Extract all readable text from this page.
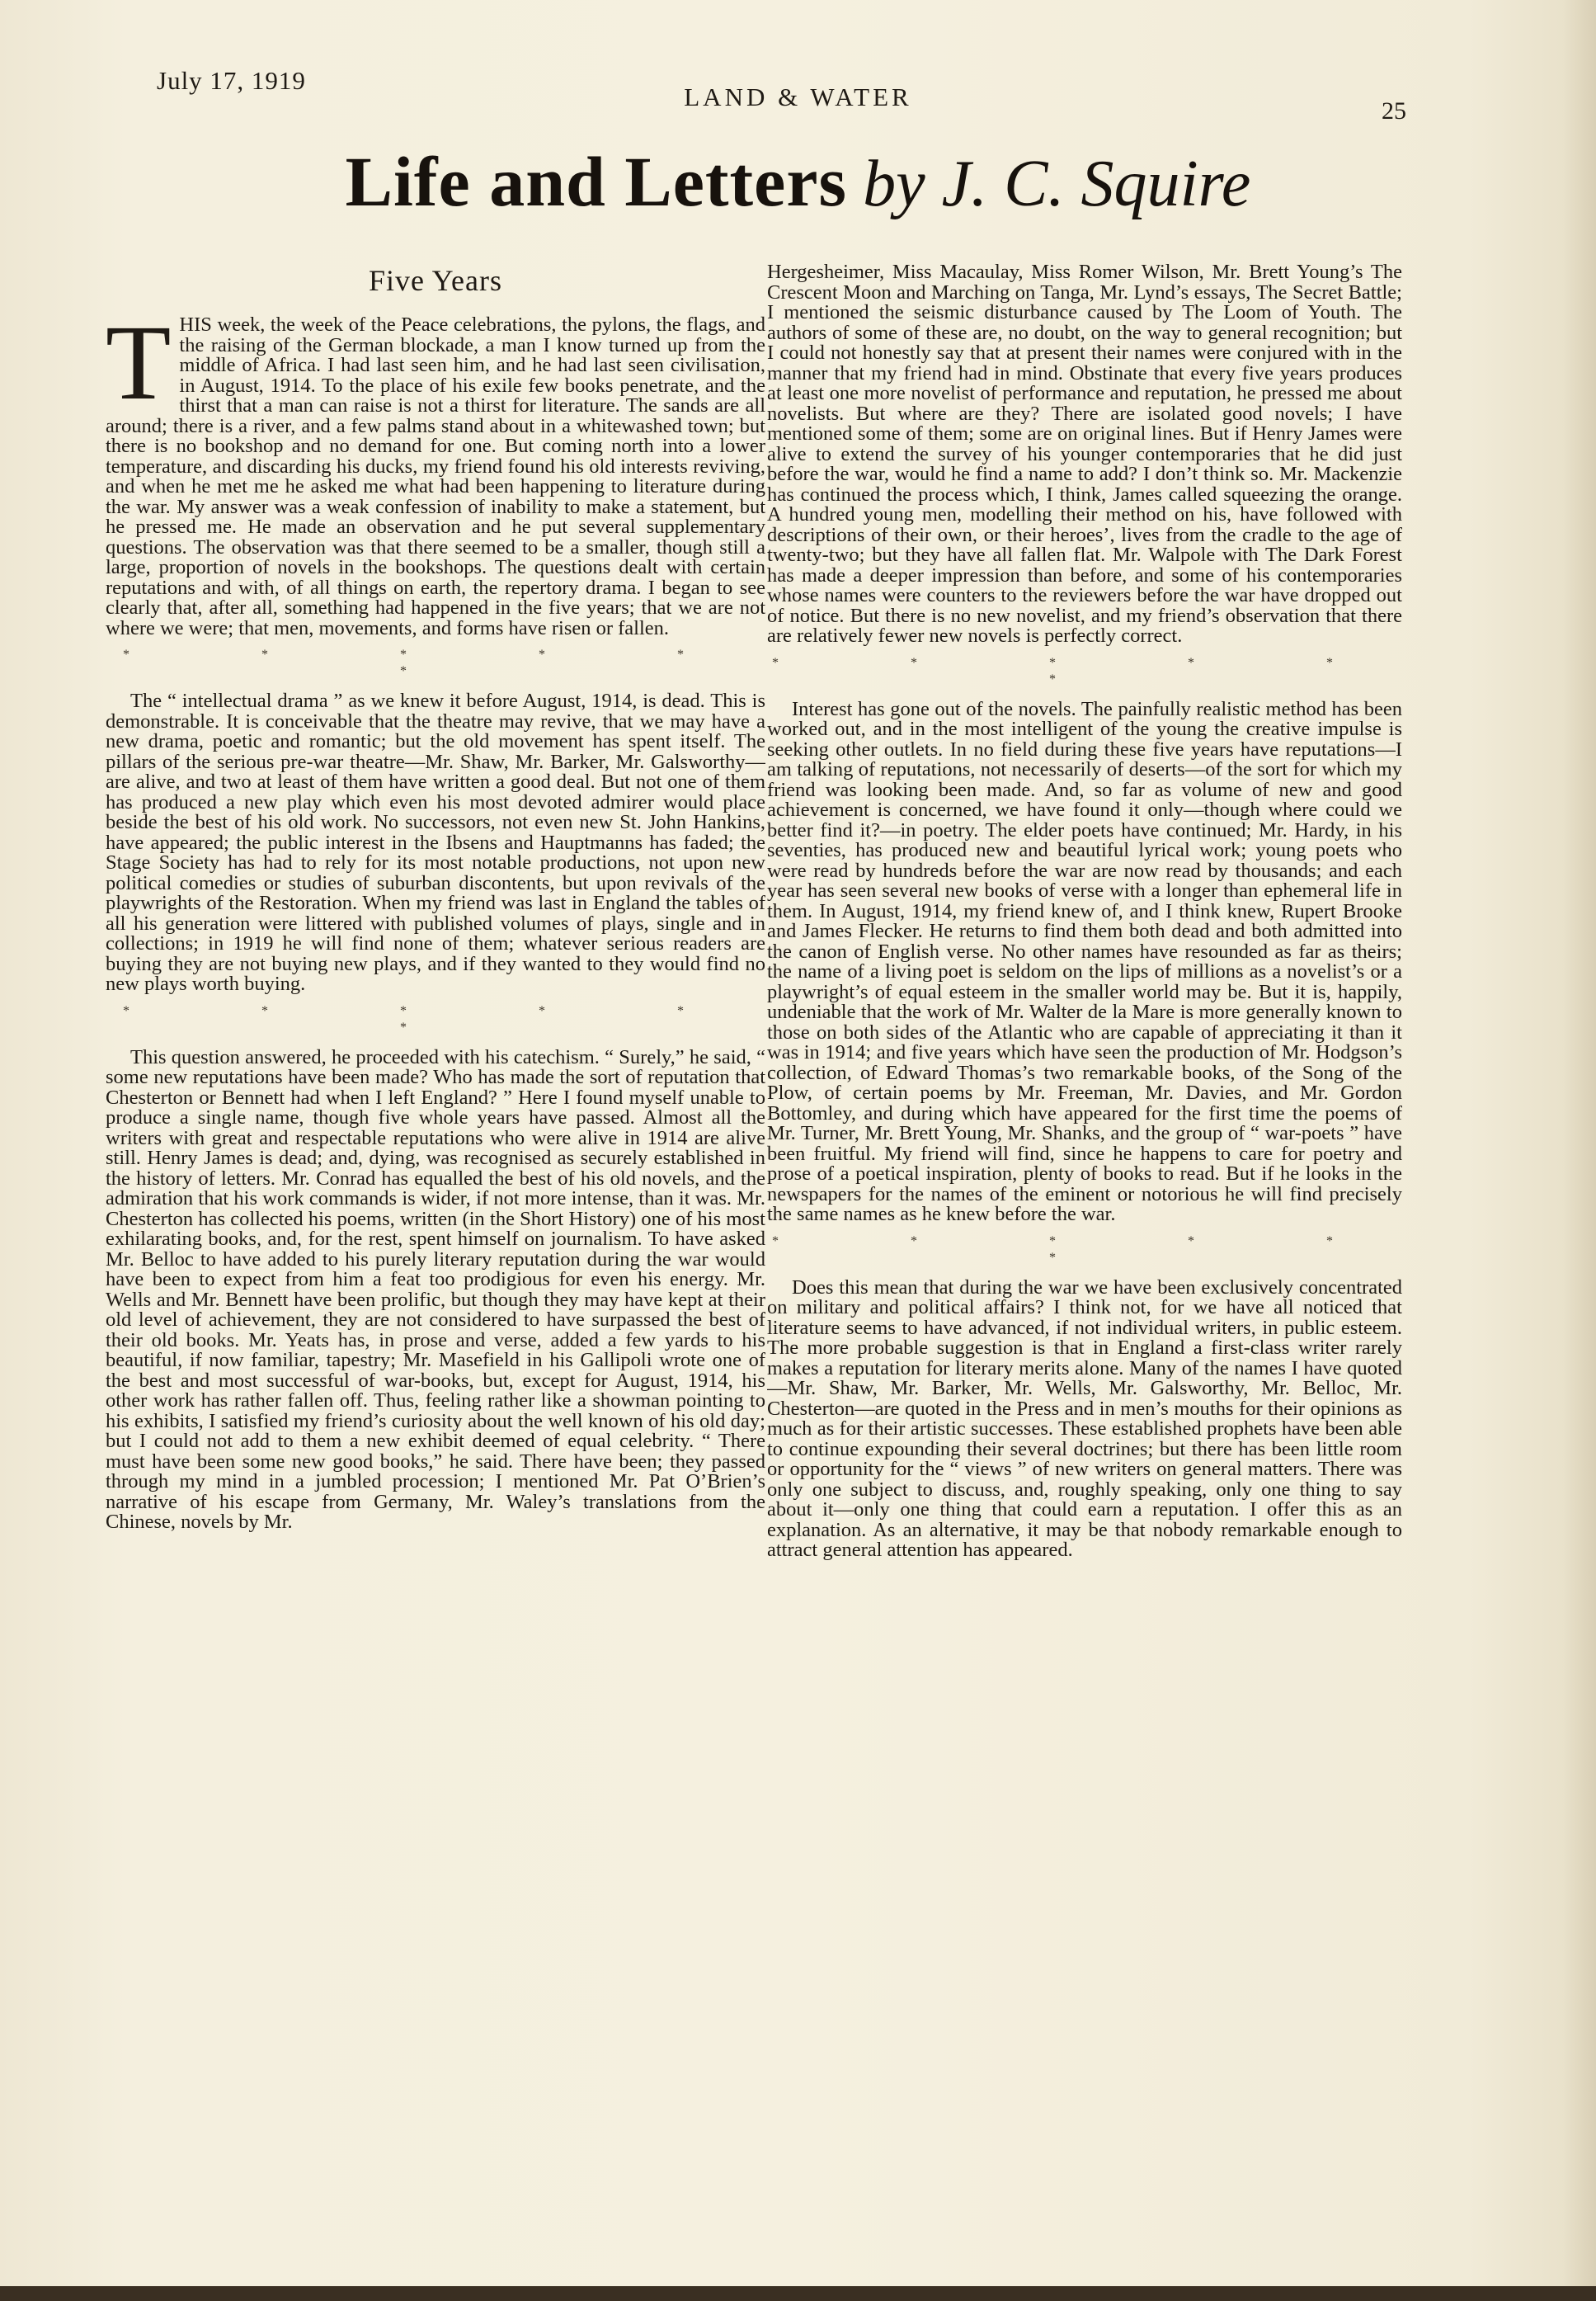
July 17, 1919
LAND & WATER	25
Life and Letters by J. C. Squire
Five Years

T HIS week, the week of the Peace celebrations, the pylons, the flags, and the raising of the German blockade, a man I know turned up from the middle of Africa. I had last seen him, and he had last seen civilisation, in August, 1914. To the place of his exile few books penetrate, and the thirst that a man can raise is not a thirst for literature. The sands are all around; there is a river, and a few palms stand about in a whitewashed town; but there is no bookshop and no demand for one. But coming north into a lower temperature, and discarding his ducks, my friend found his old interests reviving, and when he met me he asked me what had been happening to literature during the war. My answer was a weak confession of inability to make a statement, but he pressed me. He made an observation and he put several supplementary questions. The observation was that there seemed to be a smaller, though still a large, proportion of novels in the bookshops. The questions dealt with certain reputations and with, of all things on earth, the repertory drama. I began to see clearly that, after all, something had happened in the five years; that we are not where we were; that men, movements, and forms have risen or fallen.

* * * * * *

The “ intellectual drama ” as we knew it before August, 1914, is dead. This is demonstrable. It is conceivable that the theatre may revive, that we may have a new drama, poetic and romantic; but the old movement has spent itself. The pillars of the serious pre-war theatre—Mr. Shaw, Mr. Barker, Mr. Galsworthy—are alive, and two at least of them have written a good deal. But not one of them has produced a new play which even his most devoted admirer would place beside the best of his old work. No successors, not even new St. John Hankins, have appeared; the public interest in the Ibsens and Hauptmanns has faded; the Stage Society has had to rely for its most notable productions, not upon new political comedies or studies of suburban discontents, but upon revivals of the playwrights of the Restoration. When my friend was last in England the tables of all his generation were littered with published volumes of plays, single and in collections; in 1919 he will find none of them; whatever serious readers are buying they are not buying new plays, and if they wanted to they would find no new plays worth buying.

* * * * * *

This question answered, he proceeded with his catechism. “ Surely,” he said, “ some new reputations have been made? Who has made the sort of reputation that Chesterton or Bennett had when I left England? ” Here I found myself unable to produce a single name, though five whole years have passed. Almost all the writers with great and respectable reputations who were alive in 1914 are alive still. Henry James is dead; and, dying, was recognised as securely established in the history of letters. Mr. Conrad has equalled the best of his old novels, and the admiration that his work commands is wider, if not more intense, than it was. Mr. Chesterton has collected his poems, written (in the Short History) one of his most exhilarating books, and, for the rest, spent himself on journalism. To have asked Mr. Belloc to have added to his purely literary reputation during the war would have been to expect from him a feat too prodigious for even his energy. Mr. Wells and Mr. Bennett have been prolific, but though they may have kept at their old level of achievement, they are not considered to have surpassed the best of their old books. Mr. Yeats has, in prose and verse, added a few yards to his beautiful, if now familiar, tapestry; Mr. Masefield in his Gallipoli wrote one of the best and most successful of war-books, but, except for August, 1914, his other work has rather fallen off. Thus, feeling rather like a showman pointing to his exhibits, I satisfied my friend’s curiosity about the well known of his old day; but I could not add to them a new exhibit deemed of equal celebrity. “ There must have been some new good books,” he said. There have been; they passed through my mind in a jumbled procession; I mentioned Mr. Pat O’Brien’s narrative of his escape from Germany, Mr. Waley’s translations from the Chinese, novels by Mr.

Hergesheimer, Miss Macaulay, Miss Romer Wilson, Mr. Brett Young’s The Crescent Moon and Marching on Tanga, Mr. Lynd’s essays, The Secret Battle; I mentioned the seismic disturbance caused by The Loom of Youth. The authors of some of these are, no doubt, on the way to general recognition; but I could not honestly say that at present their names were conjured with in the manner that my friend had in mind. Obstinate that every five years produces at least one more novelist of performance and reputation, he pressed me about novelists. But where are they? There are isolated good novels; I have mentioned some of them; some are on original lines. But if Henry James were alive to extend the survey of his younger contemporaries that he did just before the war, would he find a name to add? I don’t think so. Mr. Mackenzie has continued the process which, I think, James called squeezing the orange. A hundred young men, modelling their method on his, have followed with descriptions of their own, or their heroes’, lives from the cradle to the age of twenty-two; but they have all fallen flat. Mr. Walpole with The Dark Forest has made a deeper impression than before, and some of his contemporaries whose names were counters to the reviewers before the war have dropped out of notice. But there is no new novelist, and my friend’s observation that there are relatively fewer new novels is perfectly correct.

* * * * * *

Interest has gone out of the novels. The painfully realistic method has been worked out, and in the most intelligent of the young the creative impulse is seeking other outlets. In no field during these five years have reputations—I am talking of reputations, not necessarily of deserts—of the sort for which my friend was looking been made. And, so far as volume of new and good achievement is concerned, we have found it only—though where could we better find it?—in poetry. The elder poets have continued; Mr. Hardy, in his seventies, has produced new and beautiful lyrical work; young poets who were read by hundreds before the war are now read by thousands; and each year has seen several new books of verse with a longer than ephemeral life in them. In August, 1914, my friend knew of, and I think knew, Rupert Brooke and James Flecker. He returns to find them both dead and both admitted into the canon of English verse. No other names have resounded as far as theirs; the name of a living poet is seldom on the lips of millions as a novelist’s or a playwright’s of equal esteem in the smaller world may be. But it is, happily, undeniable that the work of Mr. Walter de la Mare is more generally known to those on both sides of the Atlantic who are capable of appreciating it than it was in 1914; and five years which have seen the production of Mr. Hodgson’s collection, of Edward Thomas’s two remarkable books, of the Song of the Plow, of certain poems by Mr. Freeman, Mr. Davies, and Mr. Gordon Bottomley, and during which have appeared for the first time the poems of Mr. Turner, Mr. Brett Young, Mr. Shanks, and the group of “ war-poets ” have been fruitful. My friend will find, since he happens to care for poetry and prose of a poetical inspiration, plenty of books to read. But if he looks in the newspapers for the names of the eminent or notorious he will find precisely the same names as he knew before the war.

* * * * * *

Does this mean that during the war we have been exclusively concentrated on military and political affairs? I think not, for we have all noticed that literature seems to have advanced, if not individual writers, in public esteem. The more probable suggestion is that in England a first-class writer rarely makes a reputation for literary merits alone. Many of the names I have quoted—Mr. Shaw, Mr. Barker, Mr. Wells, Mr. Galsworthy, Mr. Belloc, Mr. Chesterton—are quoted in the Press and in men’s mouths for their opinions as much as for their artistic successes. These established prophets have been able to continue expounding their several doctrines; but there has been little room or opportunity for the “ views ” of new writers on general matters. There was only one subject to discuss, and, roughly speaking, only one thing to say about it—only one thing that could earn a reputation. I offer this as an explanation. As an alternative, it may be that nobody remarkable enough to attract general attention has appeared.
